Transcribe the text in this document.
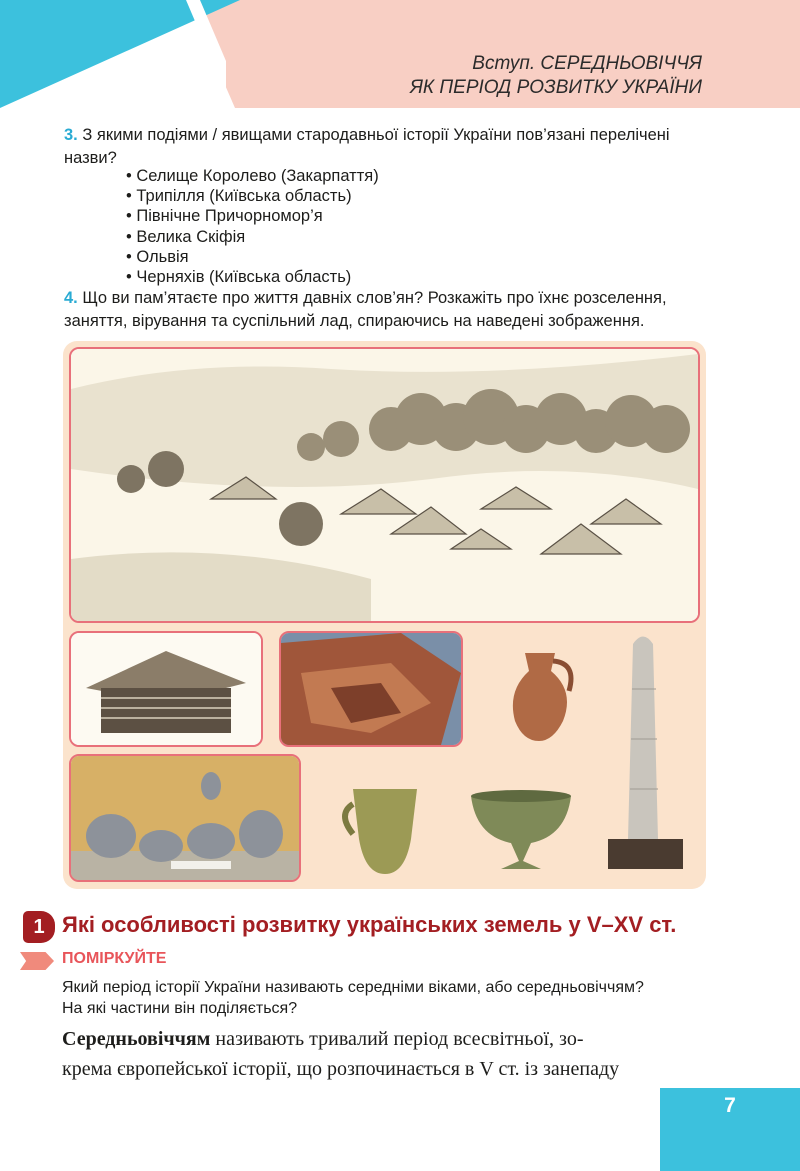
Вступ. СЕРЕДНЬОВІЧЧЯ
ЯК ПЕРІОД РОЗВИТКУ УКРАЇНИ
3. З якими подіями / явищами стародавньої історії України пов’язані перелічені
назви?
• Селище Королево (Закарпаття)
• Трипілля (Київська область)
• Північне Причорномор’я
• Велика Скіфія
• Ольвія
• Черняхів (Київська область)
4. Що ви пам’ятаєте про життя давніх слов’ян? Розкажіть про їхнє розселення,
заняття, вірування та суспільний лад, спираючись на наведені зображення.
1 Які особливості розвитку українських земель у V–XV ст.
ПОМІРКУЙТЕ
Який період історії України називають середніми віками, або середньовіччям?
На які частини він поділяється?
Середньовіччям називають тривалий період всесвітньої, зо-
крема європейської історії, що розпочинається в V ст. із занепаду
7
